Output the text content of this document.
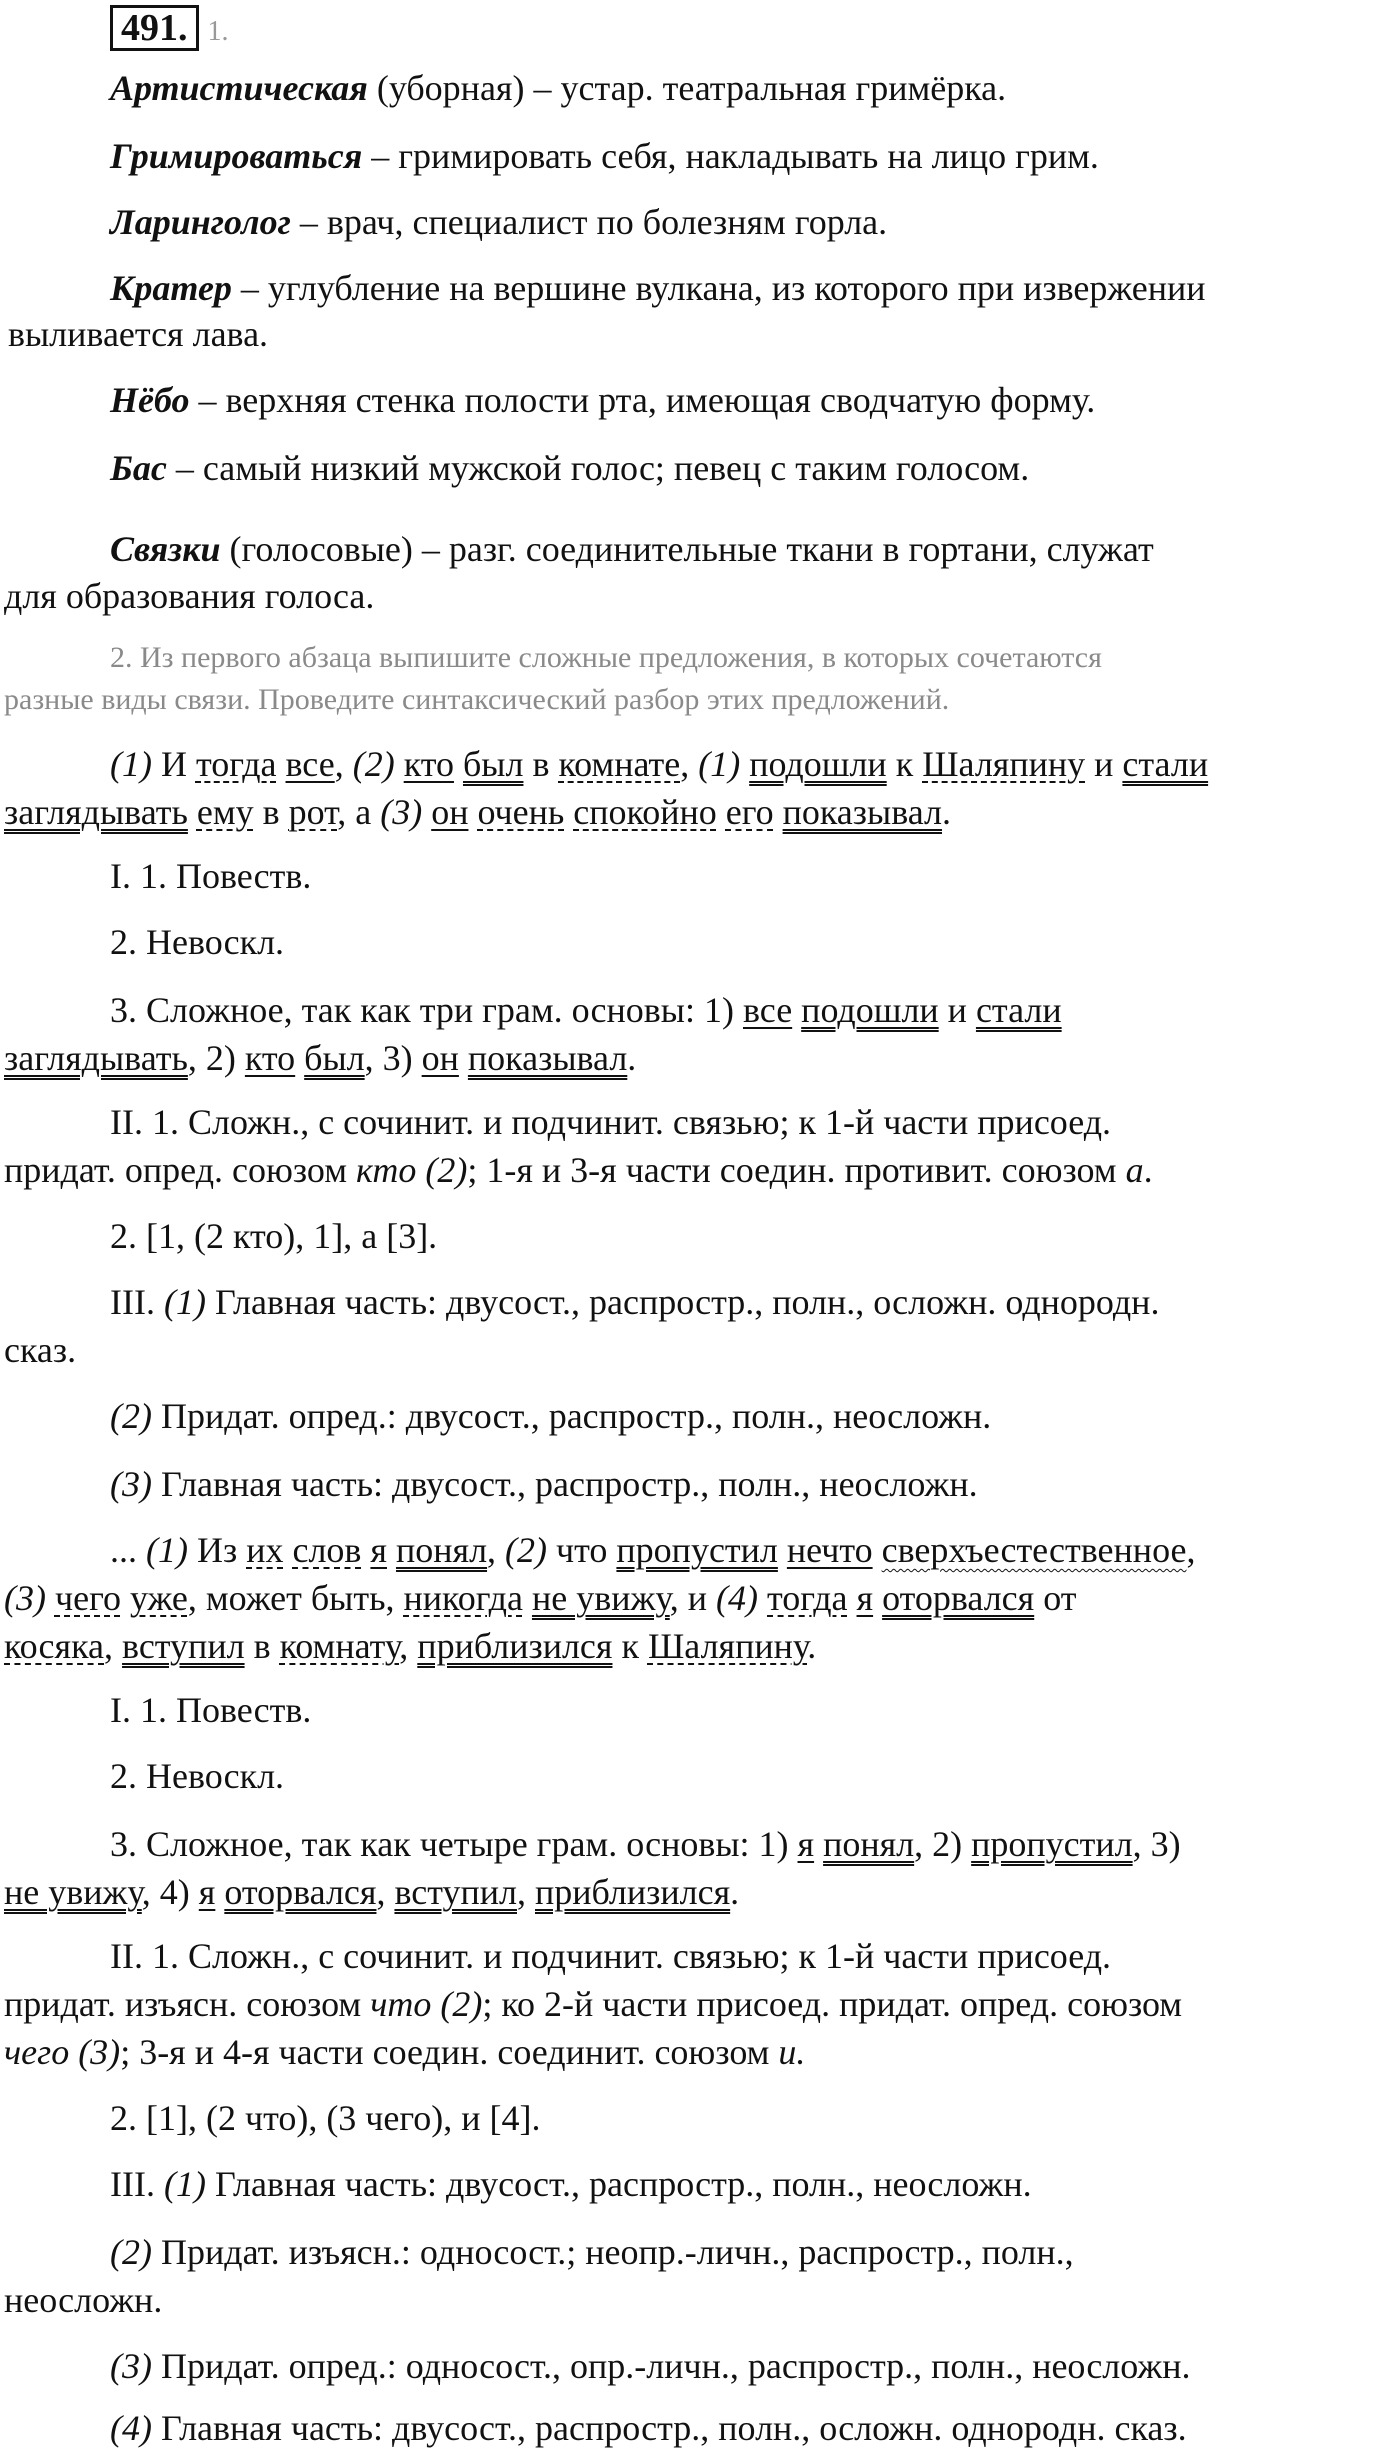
491. 1.
Артистическая (уборная) – устар. театральная гримёрка.
Гримироваться – гримировать себя, накладывать на лицо грим.
Ларинголог – врач, специалист по болезням горла.
Кратер – углубление на вершине вулкана, из которого при извержении
выливается лава.
Нёбо – верхняя стенка полости рта, имеющая сводчатую форму.
Бас – самый низкий мужской голос; певец с таким голосом.
Связки (голосовые) – разг. соединительные ткани в гортани, служат
для образования голоса.
2. Из первого абзаца выпишите сложные предложения, в которых сочетаются
разные виды связи. Проведите синтаксический разбор этих предложений.
(1) И тогда все, (2) кто был в комнате, (1) подошли к Шаляпину и стали
заглядывать ему в рот, а (3) он очень спокойно его показывал.
I. 1. Повеств.
2. Невоскл.
3. Сложное, так как три грам. основы: 1) все подошли и стали
заглядывать, 2) кто был, 3) он показывал.
II. 1. Сложн., с сочинит. и подчинит. связью; к 1-й части присоед.
придат. опред. союзом кто (2); 1-я и 3-я части соедин. противит. союзом а.
2. [1, (2 кто), 1], а [3].
III. (1) Главная часть: двусост., распростр., полн., осложн. однородн.
сказ.
(2) Придат. опред.: двусост., распростр., полн., неосложн.
(3) Главная часть: двусост., распростр., полн., неосложн.
... (1) Из их слов я понял, (2) что пропустил нечто сверхъестественное,
(3) чего уже, может быть, никогда не увижу, и (4) тогда я оторвался от
косяка, вступил в комнату, приблизился к Шаляпину.
I. 1. Повеств.
2. Невоскл.
3. Сложное, так как четыре грам. основы: 1) я понял, 2) пропустил, 3)
не увижу, 4) я оторвался, вступил, приблизился.
II. 1. Сложн., с сочинит. и подчинит. связью; к 1-й части присоед.
придат. изъясн. союзом что (2); ко 2-й части присоед. придат. опред. союзом
чего (3); 3-я и 4-я части соедин. соединит. союзом и.
2. [1], (2 что), (3 чего), и [4].
III. (1) Главная часть: двусост., распростр., полн., неосложн.
(2) Придат. изъясн.: односост.; неопр.-личн., распростр., полн.,
неосложн.
(3) Придат. опред.: односост., опр.-личн., распростр., полн., неосложн.
(4) Главная часть: двусост., распростр., полн., осложн. однородн. сказ.
